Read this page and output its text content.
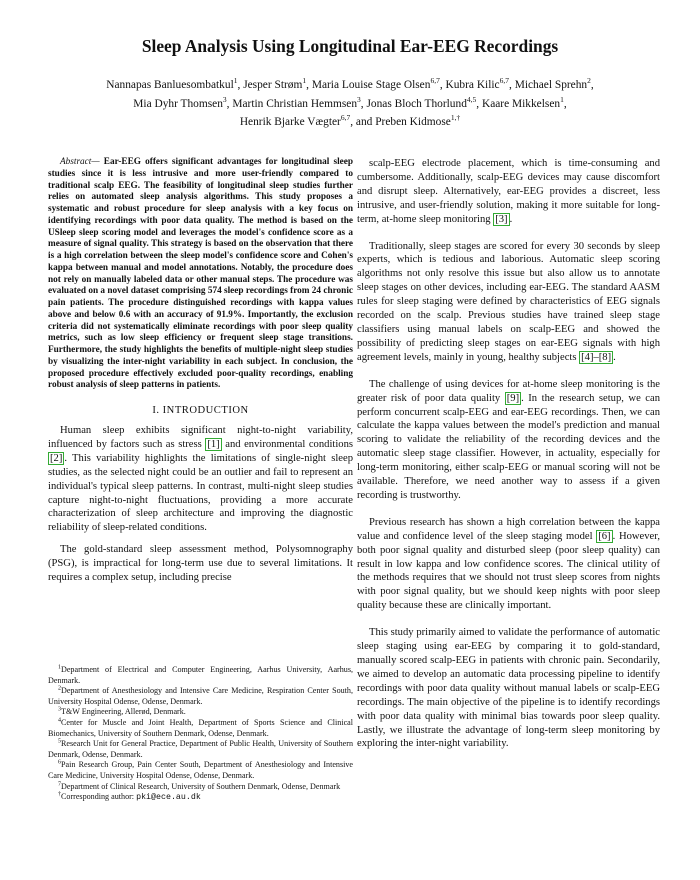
Sleep Analysis Using Longitudinal Ear-EEG Recordings
Nannapas Banluesombatkul$^1$, Jesper Strøm$^1$, Maria Louise Stage Olsen$^{6,7}$, Kubra Kilic$^{6,7}$, Michael Sprehn$^2$,
Mia Dyhr Thomsen$^3$, Martin Christian Hemmsen$^3$, Jonas Bloch Thorlund$^{4,5}$, Kaare Mikkelsen$^1$,
Henrik Bjarke Vægter$^{6,7}$, and Preben Kidmose$^{1,\dagger}$

Abstract— Ear-EEG offers significant advantages for longitudinal sleep studies since it is less intrusive and more user-friendly compared to traditional scalp EEG. The feasibility of longitudinal sleep studies further relies on automated sleep analysis algorithms. This study proposes a systematic and robust procedure for sleep analysis with a key focus on identifying recordings with poor data quality. The method is based on the USleep sleep scoring model and leverages the model's confidence score as a measure of signal quality. This strategy is based on the observation that there is a high correlation between the sleep model's confidence score and Cohen's kappa between manual and model annotations. Notably, the procedure does not rely on manually labeled data or other manual steps. The procedure was evaluated on a novel dataset comprising 574 sleep recordings from 24 chronic pain patients. The procedure distinguished recordings with kappa values above and below 0.6 with an accuracy of 91.9%. Importantly, the exclusion criteria did not systematically eliminate recordings with poor sleep quality metrics, such as low sleep efficiency or frequent sleep stage transitions. Furthermore, the study highlights the benefits of multiple-night sleep studies by visualizing the inter-night variability in each subject. In conclusion, the proposed procedure effectively excluded poor-quality recordings, enabling robust analysis of sleep patterns in patients.

I. INTRODUCTION

Human sleep exhibits significant night-to-night variability, influenced by factors such as stress [1] and environmental conditions [2] . This variability highlights the limitations of single-night sleep studies, as the selected night could be an outlier and fail to represent an individual's typical sleep patterns. In contrast, multi-night sleep studies capture night-to-night fluctuations, providing a more accurate characterization of sleep architecture and improving the diagnostic reliability of sleep-related conditions.

The gold-standard sleep assessment method, Polysomnography (PSG), is impractical for long-term use due to several limitations. It requires a complex setup, including precise

$^1$Department of Electrical and Computer Engineering, Aarhus University, Aarhus, Denmark.

$^2$Department of Anesthesiology and Intensive Care Medicine, Respiration Center South, University Hospital Odense, Odense, Denmark.

$^3$T&W Engineering, Allerød, Denmark.

$^4$Center for Muscle and Joint Health, Department of Sports Science and Clinical Biomechanics, University of Southern Denmark, Odense, Denmark.

$^5$Research Unit for General Practice, Department of Public Health, University of Southern Denmark, Odense, Denmark.

$^6$Pain Research Group, Pain Center South, Department of Anesthesiology and Intensive Care Medicine, University Hospital Odense, Odense, Denmark.

$^7$Department of Clinical Research, University of Southern Denmark, Odense, Denmark

†Corresponding author: pki@ece.au.dk

scalp-EEG electrode placement, which is time-consuming and cumbersome. Additionally, scalp-EEG devices may cause discomfort and disrupt sleep. Alternatively, ear-EEG provides a discreet, less intrusive, and user-friendly solution, making it more suitable for long-term, at-home sleep monitoring [3] .

Traditionally, sleep stages are scored for every 30 seconds by sleep experts, which is tedious and laborious. Automatic sleep scoring algorithms not only resolve this issue but also allow us to annotate sleep stages on other devices, including ear-EEG. The standard AASM rules for sleep staging were defined by characteristics of EEG signals recorded on the scalp. Previous studies have trained sleep stage classifiers using manual labels on scalp-EEG and showed the possibility of predicting sleep stages on ear-EEG signals with high agreement levels, mainly in young, healthy subjects [4]–[8] .

The challenge of using devices for at-home sleep monitoring is the greater risk of poor data quality [9] . In the research setup, we can perform concurrent scalp-EEG and ear-EEG recordings. Then, we can calculate the kappa values between the model's prediction and manual scoring to validate the reliability of the recording devices and the automatic sleep stage classifier. However, in actuality, especially for long-term monitoring, either scalp-EEG or manual scoring will not be available. Therefore, we need another way to assess if a given recording is trustworthy.

Previous research has shown a high correlation between the kappa value and confidence level of the sleep staging model [6] . However, both poor signal quality and disturbed sleep (poor sleep quality) can result in low kappa and low confidence scores. The clinical utility of the methods requires that we should not trust sleep scores from nights with poor signal quality, but we should keep nights with poor sleep quality because these are clinically important.

This study primarily aimed to validate the performance of automatic sleep staging using ear-EEG by comparing it to gold-standard, manually scored scalp-EEG in patients with chronic pain. Secondarily, we aimed to develop an automatic data processing pipeline to identify recordings with poor data quality without manual labels or scalp-EEG recordings. The main objective of the pipeline is to identify recordings with poor data quality with minimal bias towards poor sleep quality. Lastly, we illustrate the advantage of long-term sleep monitoring by exploring the inter-night variability.
